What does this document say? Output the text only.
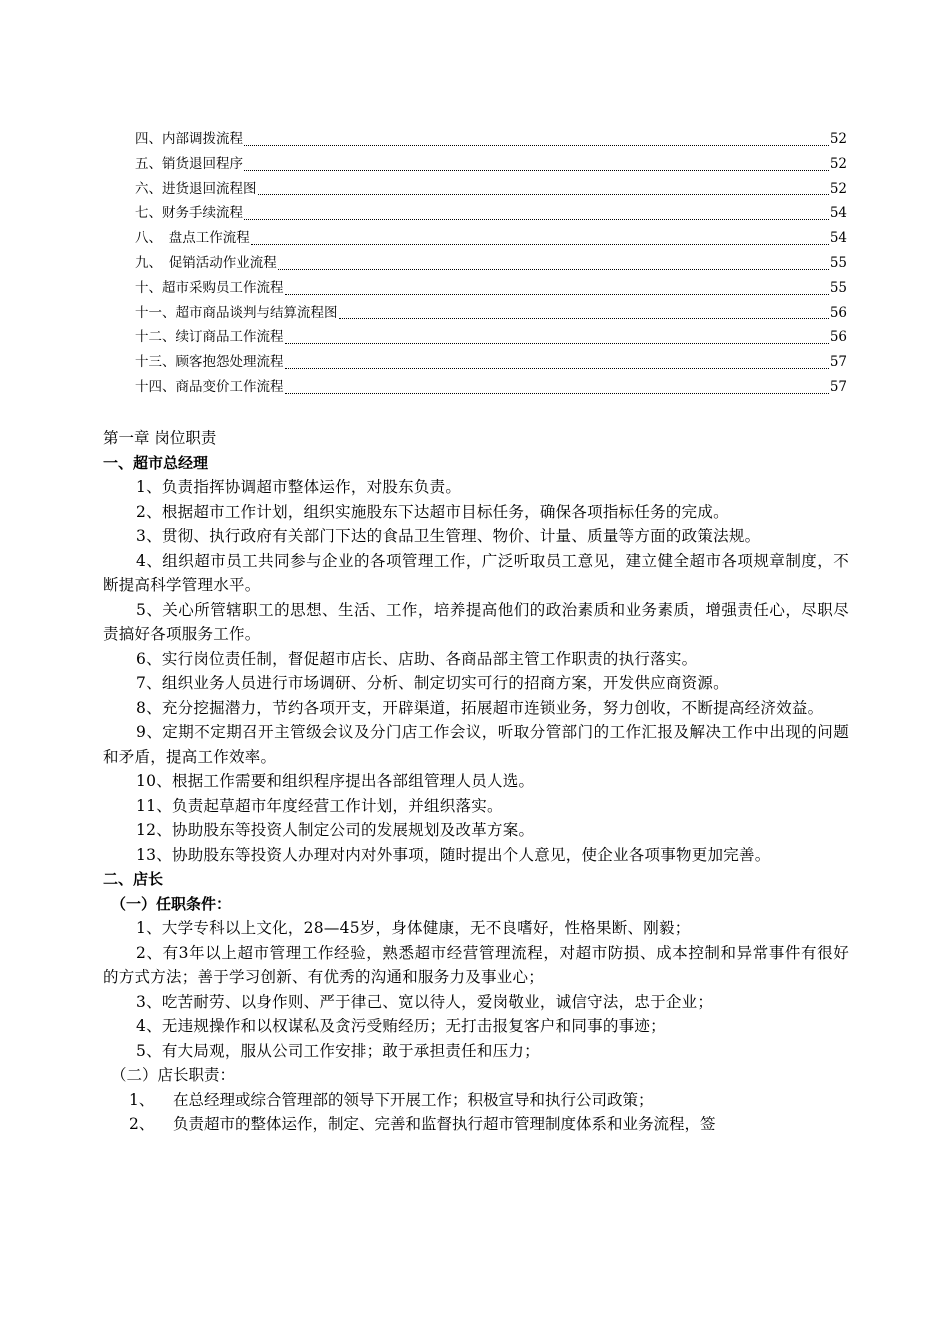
四、内部调拨流程	52
五、销货退回程序	52
六、进货退回流程图	52
七、财务手续流程	54
八、　盘点工作流程	54
九、　促销活动作业流程	55
十、超市采购员工作流程	55
十一、超市商品谈判与结算流程图	56
十二、续订商品工作流程	56
十三、顾客抱怨处理流程	57
十四、商品变价工作流程	57
第一章 岗位职责
一、超市总经理
1、负责指挥协调超市整体运作，对股东负责。
2、根据超市工作计划，组织实施股东下达超市目标任务，确保各项指标任务的完成。
3、贯彻、执行政府有关部门下达的食品卫生管理、物价、计量、质量等方面的政策法规。
4、组织超市员工共同参与企业的各项管理工作，广泛听取员工意见，建立健全超市各项规章制度，不断提高科学管理水平。
5、关心所管辖职工的思想、生活、工作，培养提高他们的政治素质和业务素质，增强责任心，尽职尽责搞好各项服务工作。
6、实行岗位责任制，督促超市店长、店助、各商品部主管工作职责的执行落实。
7、组织业务人员进行市场调研、分析、制定切实可行的招商方案，开发供应商资源。
8、充分挖掘潜力，节约各项开支，开辟渠道，拓展超市连锁业务，努力创收，不断提高经济效益。
9、定期不定期召开主管级会议及分门店工作会议，听取分管部门的工作汇报及解决工作中出现的问题和矛盾，提高工作效率。
10、根据工作需要和组织程序提出各部组管理人员人选。
11、负责起草超市年度经营工作计划，并组织落实。
12、协助股东等投资人制定公司的发展规划及改革方案。
13、协助股东等投资人办理对内对外事项，随时提出个人意见，使企业各项事物更加完善。
二、店长
（一）任职条件：
1、大学专科以上文化，28—45岁，身体健康，无不良嗜好，性格果断、刚毅；
2、有3年以上超市管理工作经验，熟悉超市经营管理流程，对超市防损、成本控制和异常事件有很好的方式方法；善于学习创新、有优秀的沟通和服务力及事业心；
3、吃苦耐劳、以身作则、严于律己、宽以待人，爱岗敬业，诚信守法，忠于企业；
4、无违规操作和以权谋私及贪污受贿经历；无打击报复客户和同事的事迹；
5、有大局观，服从公司工作安排；敢于承担责任和压力；
（二）店长职责：
1、 在总经理或综合管理部的领导下开展工作；积极宣导和执行公司政策；
2、 负责超市的整体运作，制定、完善和监督执行超市管理制度体系和业务流程，签
